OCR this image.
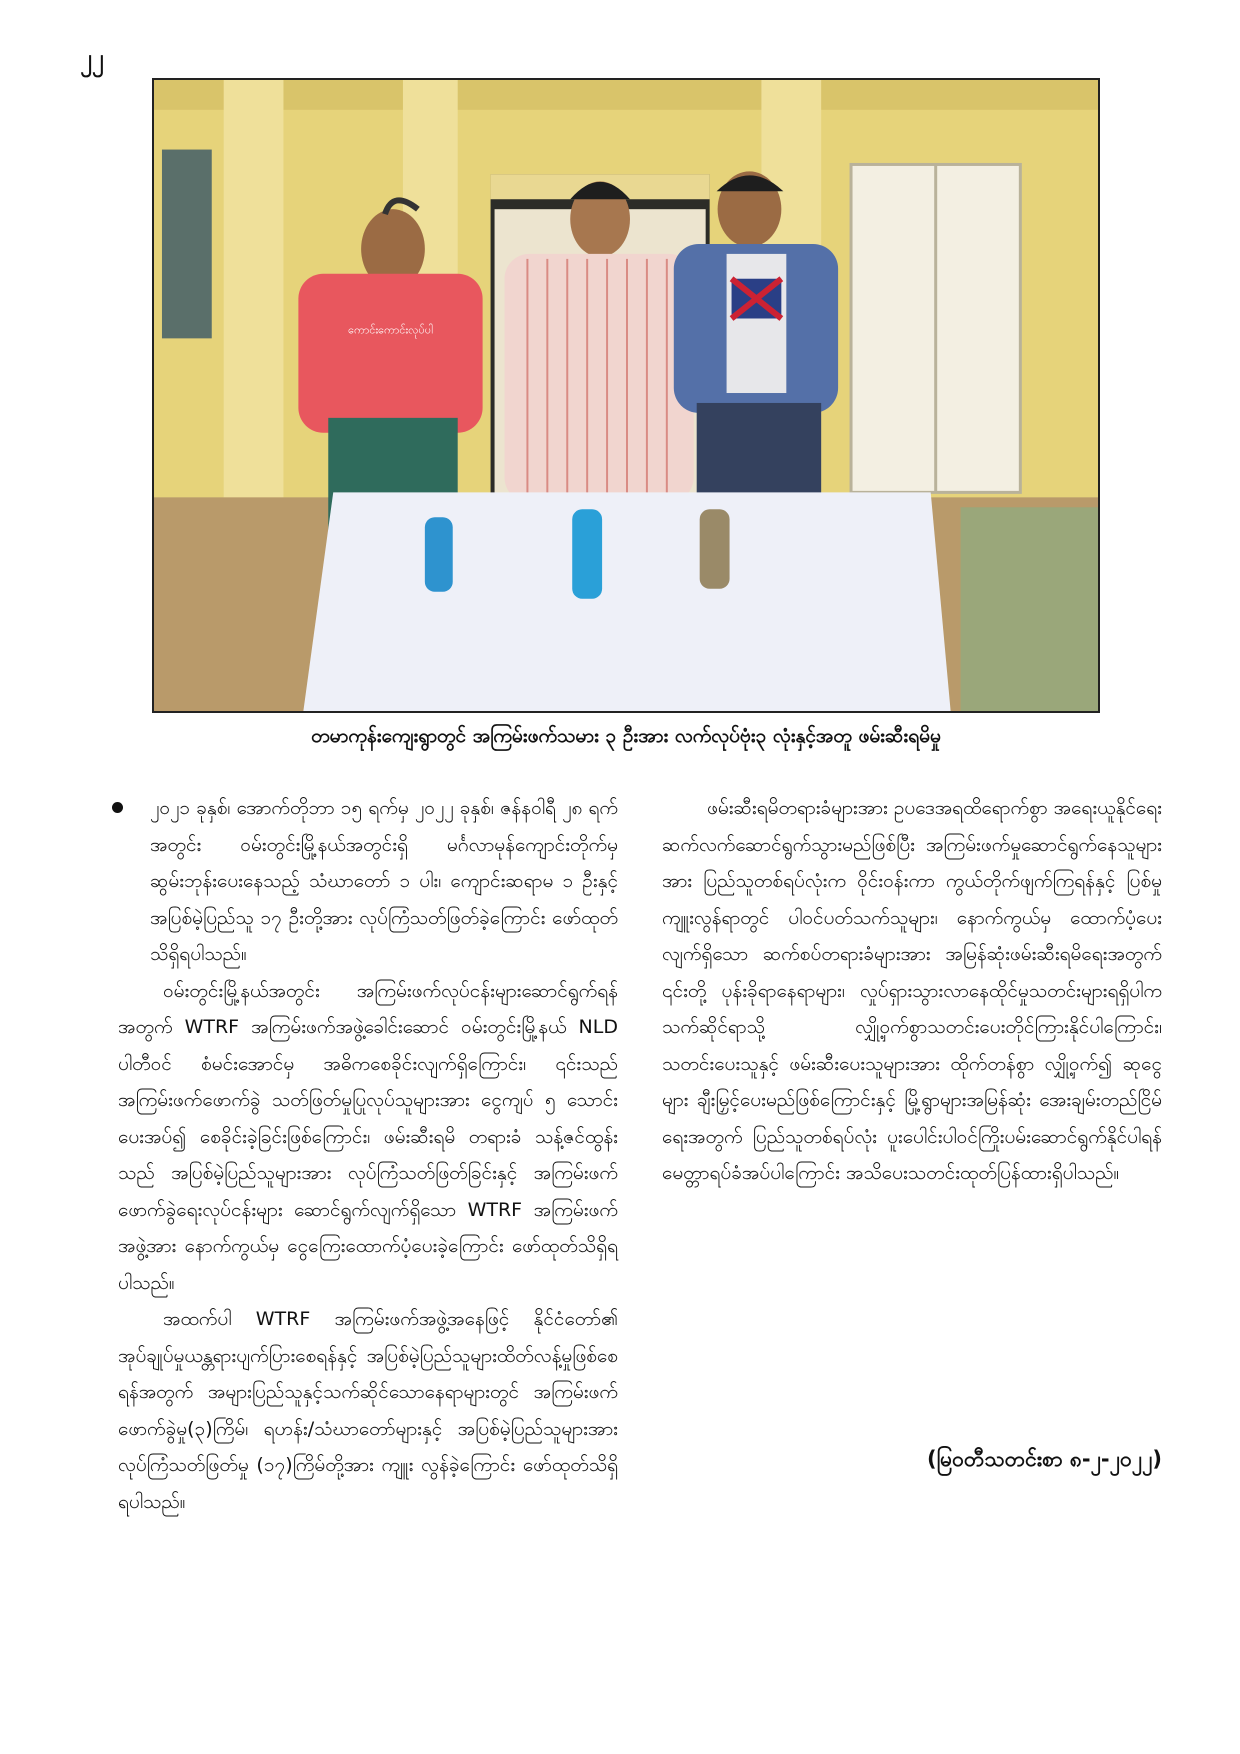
၂၂
ကောင်းကောင်းလုပ်ပါ
တမာကုန်းကျေးရွာတွင် အကြမ်းဖက်သမား ၃ ဦးအား လက်လုပ်ဗုံး၃ လုံးနှင့်အတူ ဖမ်းဆီးရမိမှု

၂၀၂၁ ခုနှစ်၊ အောက်တိုဘာ ၁၅ ရက်မှ ၂၀၂၂ ခုနှစ်၊ ဇန်နဝါရီ ၂၈ ရက်အတွင်း ဝမ်းတွင်းမြို့နယ်အတွင်းရှိ မင်္ဂလာမုန်ကျောင်းတိုက်မှ ဆွမ်းဘုန်းပေးနေသည့် သံဃာတော် ၁ ပါး၊ ကျောင်းဆရာမ ၁ ဦးနှင့် အပြစ်မဲ့ပြည်သူ ၁၇ ဦးတို့အား လုပ်ကြံသတ်ဖြတ်ခဲ့ကြောင်း ဖော်ထုတ်သိရှိရပါသည်။

ဝမ်းတွင်းမြို့နယ်အတွင်း အကြမ်းဖက်လုပ်ငန်းများဆောင်ရွက်ရန်အတွက် WTRF အကြမ်းဖက်အဖွဲ့ခေါင်းဆောင် ဝမ်းတွင်းမြို့နယ် NLD ပါတီဝင် စံမင်းအောင်မှ အဓိကစေခိုင်းလျက်ရှိကြောင်း၊ ၎င်းသည် အကြမ်းဖက်ဖောက်ခွဲ သတ်ဖြတ်မှုပြုလုပ်သူများအား ငွေကျပ် ၅ သောင်းပေးအပ်၍ စေခိုင်းခဲ့ခြင်းဖြစ်ကြောင်း၊ ဖမ်းဆီးရမိ တရားခံ သန့်ဇင်ထွန်းသည် အပြစ်မဲ့ပြည်သူများအား လုပ်ကြံသတ်ဖြတ်ခြင်းနှင့် အကြမ်းဖက်ဖောက်ခွဲရေးလုပ်ငန်းများ ဆောင်ရွက်လျက်ရှိသော WTRF အကြမ်းဖက်အဖွဲ့အား နောက်ကွယ်မှ ငွေကြေးထောက်ပံ့ပေးခဲ့ကြောင်း ဖော်ထုတ်သိရှိရပါသည်။

အထက်ပါ WTRF အကြမ်းဖက်အဖွဲ့အနေဖြင့် နိုင်ငံတော်၏ အုပ်ချုပ်မှုယန္တရားပျက်ပြားစေရန်နှင့် အပြစ်မဲ့ပြည်သူများထိတ်လန့်မှုဖြစ်စေရန်အတွက် အများပြည်သူနှင့်သက်ဆိုင်သောနေရာများတွင် အကြမ်းဖက်ဖောက်ခွဲမှု(၃)ကြိမ်၊ ရဟန်း/သံဃာတော်များနှင့် အပြစ်မဲ့ပြည်သူများအား လုပ်ကြံသတ်ဖြတ်မှု (၁၇)ကြိမ်တို့အား ကျူး လွန်ခဲ့ကြောင်း ဖော်ထုတ်သိရှိရပါသည်။

ဖမ်းဆီးရမိတရားခံများအား ဥပဒေအရထိရောက်စွာ အရေးယူနိုင်ရေး ဆက်လက်ဆောင်ရွက်သွားမည်ဖြစ်ပြီး အကြမ်းဖက်မှုဆောင်ရွက်နေသူများအား ပြည်သူတစ်ရပ်လုံးက ဝိုင်းဝန်းကာ ကွယ်တိုက်ဖျက်ကြရန်နှင့် ပြစ်မှုကျူးလွန်ရာတွင် ပါဝင်ပတ်သက်သူများ၊ နောက်ကွယ်မှ ထောက်ပံ့ပေးလျက်ရှိသော ဆက်စပ်တရားခံများအား အမြန်ဆုံးဖမ်းဆီးရမိရေးအတွက် ၎င်းတို့ ပုန်းခိုရာနေရာများ၊ လှုပ်ရှားသွားလာနေထိုင်မှုသတင်းများရရှိပါက သက်ဆိုင်ရာသို့ လျှို့ဝှက်စွာသတင်းပေးတိုင်ကြားနိုင်ပါကြောင်း၊ သတင်းပေးသူနှင့် ဖမ်းဆီးပေးသူများအား ထိုက်တန်စွာ လျှို့ဝှက်၍ ဆုငွေများ ချီးမြှင့်ပေးမည်ဖြစ်ကြောင်းနှင့် မြို့ရွာများအမြန်ဆုံး အေးချမ်းတည်ငြိမ်ရေးအတွက် ပြည်သူတစ်ရပ်လုံး ပူးပေါင်းပါဝင်ကြိုးပမ်းဆောင်ရွက်နိုင်ပါရန် မေတ္တာရပ်ခံအပ်ပါကြောင်း အသိပေးသတင်းထုတ်ပြန်ထားရှိပါသည်။

(မြဝတီသတင်းစာ ၈-၂-၂၀၂၂)
